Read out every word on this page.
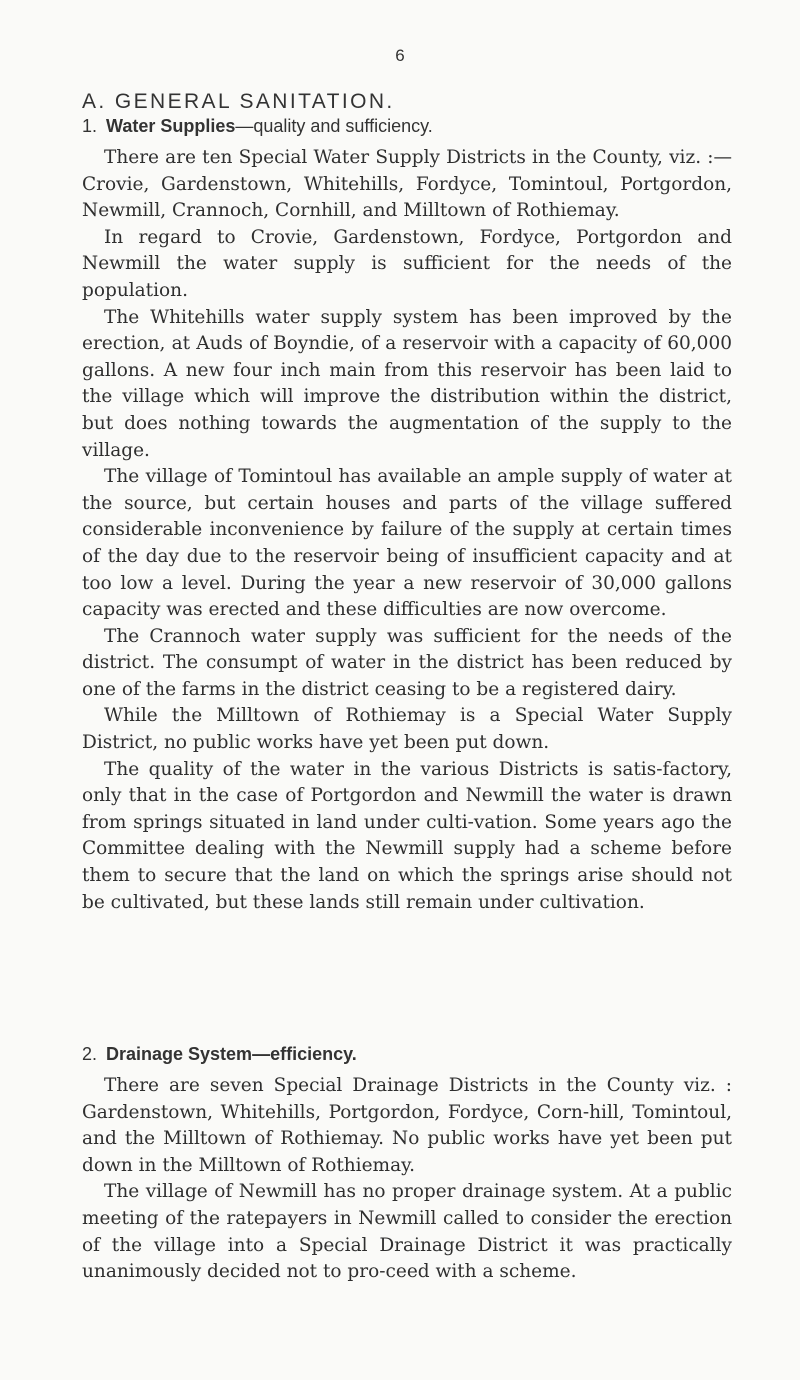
6
A. GENERAL SANITATION.
1. Water Supplies—quality and sufficiency.

There are ten Special Water Supply Districts in the County, viz. :—Crovie, Gardenstown, Whitehills, Fordyce, Tomintoul, Portgordon, Newmill, Crannoch, Cornhill, and Milltown of Rothiemay.

In regard to Crovie, Gardenstown, Fordyce, Portgordon and Newmill the water supply is sufficient for the needs of the population.

The Whitehills water supply system has been improved by the erection, at Auds of Boyndie, of a reservoir with a capacity of 60,000 gallons. A new four inch main from this reservoir has been laid to the village which will improve the distribution within the district, but does nothing towards the augmentation of the supply to the village.

The village of Tomintoul has available an ample supply of water at the source, but certain houses and parts of the village suffered considerable inconvenience by failure of the supply at certain times of the day due to the reservoir being of insufficient capacity and at too low a level. During the year a new reservoir of 30,000 gallons capacity was erected and these difficulties are now overcome.

The Crannoch water supply was sufficient for the needs of the district. The consumpt of water in the district has been reduced by one of the farms in the district ceasing to be a registered dairy.

While the Milltown of Rothiemay is a Special Water Supply District, no public works have yet been put down.

The quality of the water in the various Districts is satis-factory, only that in the case of Portgordon and Newmill the water is drawn from springs situated in land under culti-vation. Some years ago the Committee dealing with the Newmill supply had a scheme before them to secure that the land on which the springs arise should not be cultivated, but these lands still remain under cultivation.

2. Drainage System—efficiency.

There are seven Special Drainage Districts in the County viz. : Gardenstown, Whitehills, Portgordon, Fordyce, Corn-hill, Tomintoul, and the Milltown of Rothiemay. No public works have yet been put down in the Milltown of Rothiemay.

The village of Newmill has no proper drainage system. At a public meeting of the ratepayers in Newmill called to consider the erection of the village into a Special Drainage District it was practically unanimously decided not to pro-ceed with a scheme.
